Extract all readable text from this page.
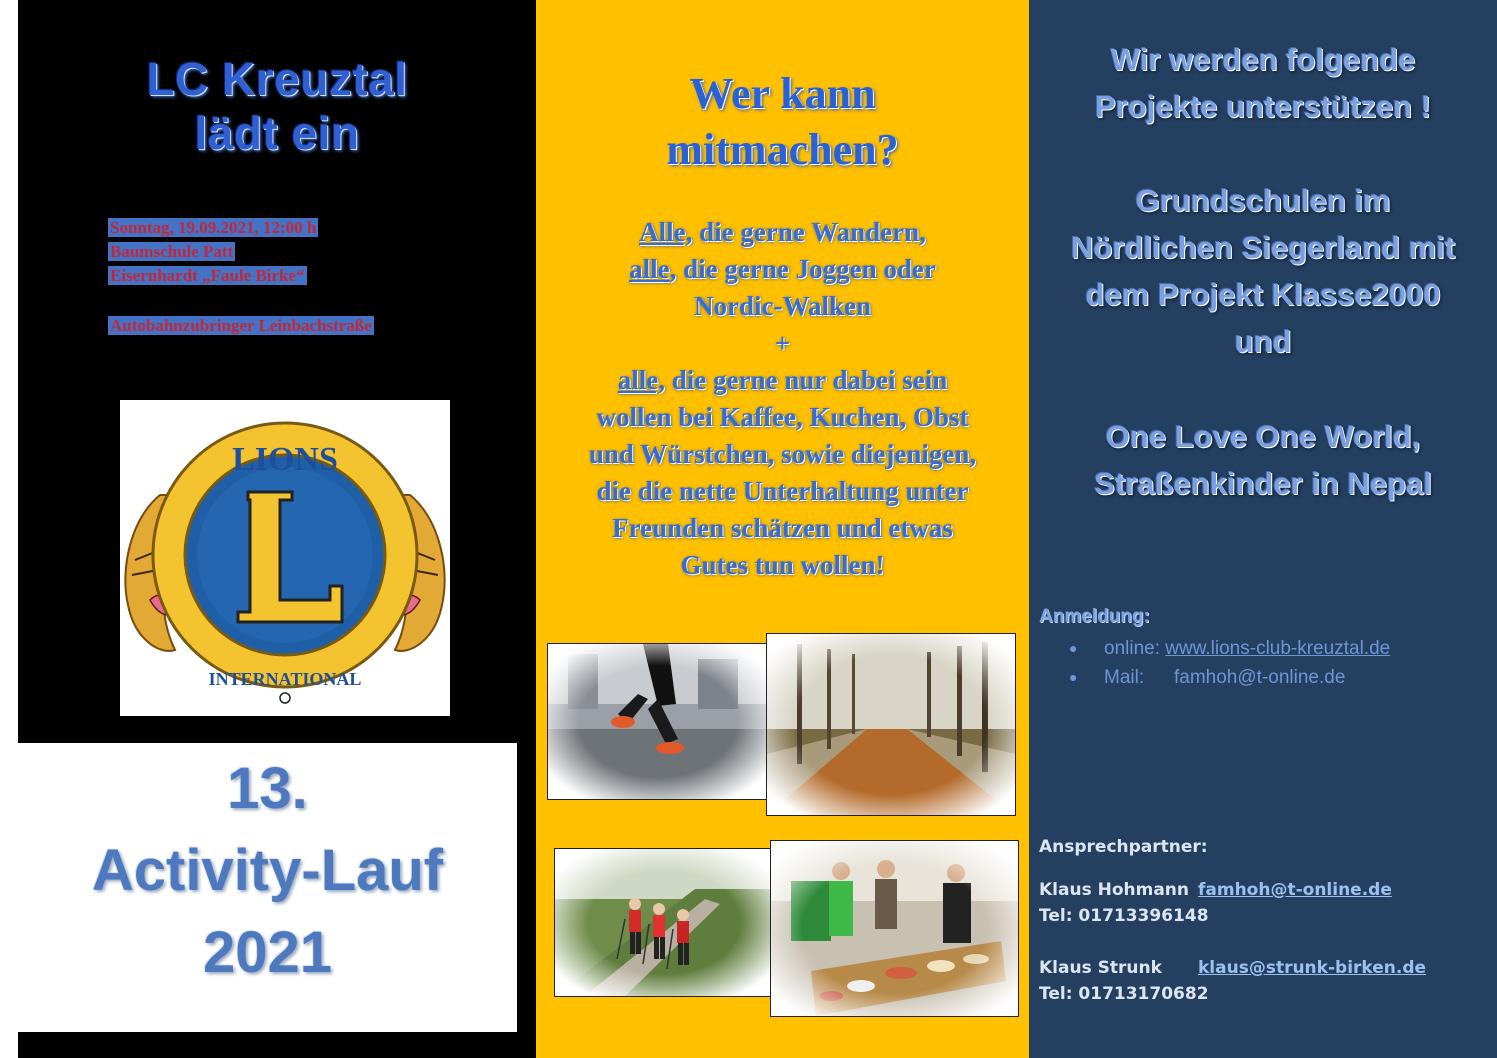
LC Kreuztal
lädt ein
Sonntag, 19.09.2021, 12:00 h
Baumschule Patt
Eisernhardt „Faule Birke“
Autobahnzubringer Leinbachstraße
LIONS
INTERNATIONAL
13.
Activity-Lauf
2021
Wer kann
mitmachen?
Alle, die gerne Wandern,
alle, die gerne Joggen oder
Nordic-Walken
+
alle, die gerne nur dabei sein
wollen bei Kaffee, Kuchen, Obst
und Würstchen, sowie diejenigen,
die die nette Unterhaltung unter
Freunden schätzen und etwas
Gutes tun wollen!
Wir werden folgende
Projekte unterstützen !
Grundschulen im
Nördlichen Siegerland mit
dem Projekt Klasse2000
und
One Love One World,
Straßenkinder in Nepal
Anmeldung:
●	online:
www.lions-club-kreuztal.de
●	Mail:	famhoh@t-online.de
Ansprechpartner:
Klaus Hohmann famhoh@t-online.de
Tel: 01713396148
Klaus Strunk	klaus@strunk-birken.de
Tel: 01713170682
